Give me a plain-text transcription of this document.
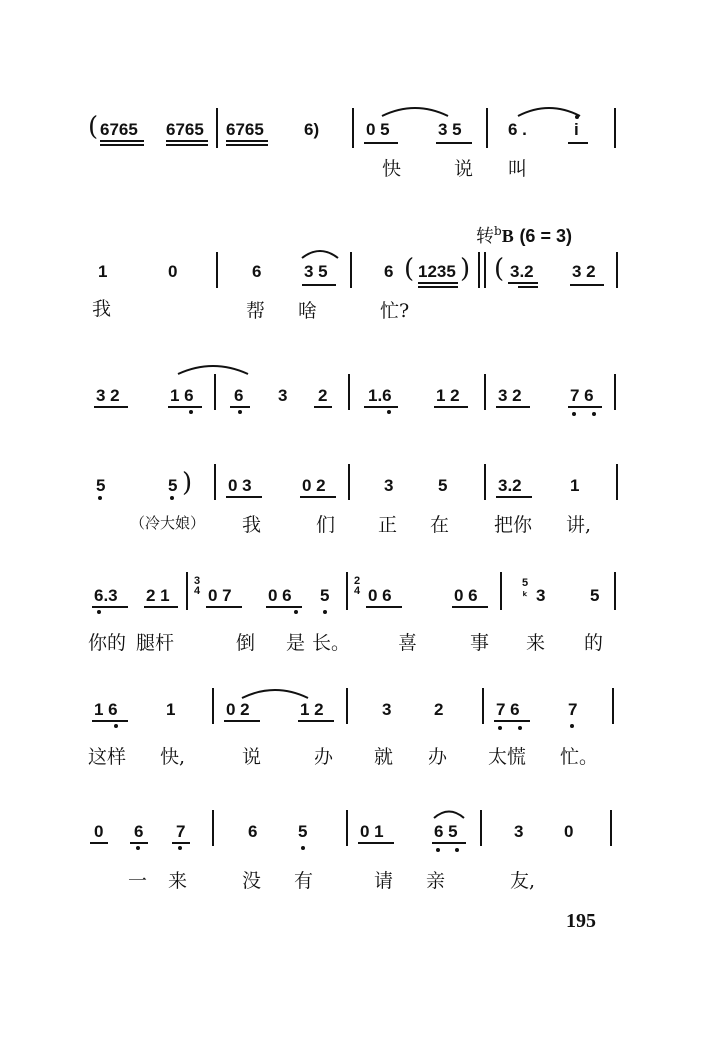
( 6765 6765 6765 6)	0 5	3 5	6 .	i
快	说 叫
转$^b$B (6 = 3)
1	0	6	3 5	6 ( 1235 ) ( 3.2 3 2
我	帮 啥	忙?
3 2	1 6 6 3 2 1.6	1 2 3 2	7 6
5	5 ) 0 3	0 2	3	5	3.2	1
（冷大娘） 我	们 正 在 把你 讲,
6.3 2 1
3
4 0 7 0 6 5
2
4 0 6	0 6
5
ₖ 3	5
你的 腿杆	倒 是 长。	喜	事 来 的
1 6	1	0 2	1 2	3	2	7 6	7
这样 快,	说	办 就 办 太慌 忙。
0 6 7	6 5	0 1	6 5	3 0
一 来	没 有	请 亲	友,
195
